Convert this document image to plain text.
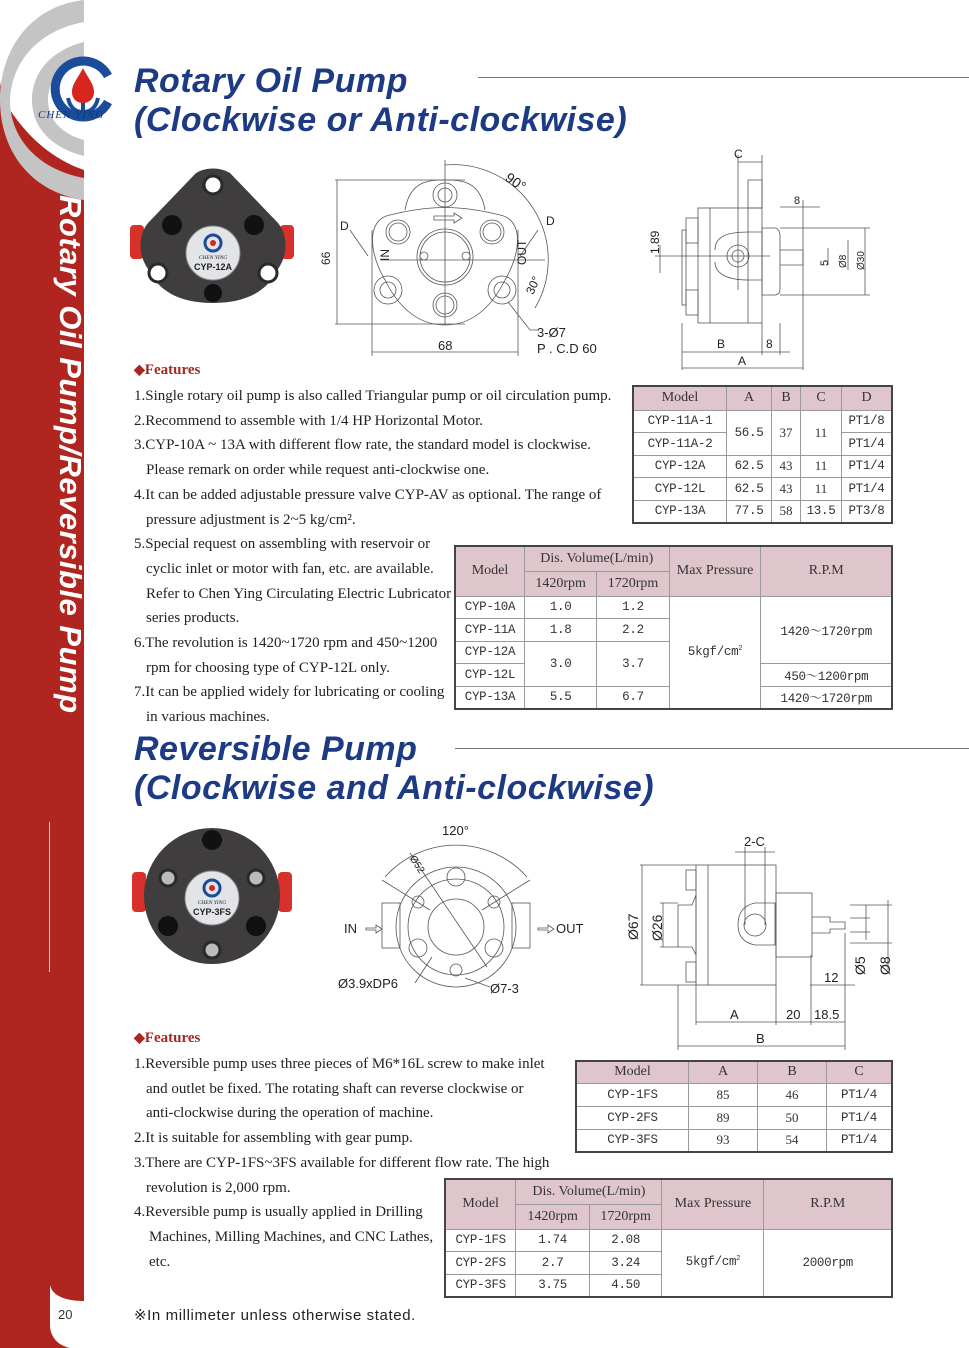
Rotary Oil Pump/Reversible Pump
20
CHEN YING
Rotary Oil Pump
(Clockwise or Anti-clockwise)
CHEN YING
CYP-12A
66
D	D
IN	OUT
90°
30°
68
3-Ø7
P . C.D 60
C
1.89
8
5 Ø8 Ø30
B	8
A
◆Features
1.Single rotary oil pump is also called Triangular pump or oil circulation pump.
2.Recommend to assemble with 1/4 HP Horizontal Motor.
3.CYP-10A ~ 13A with different flow rate, the standard model is clockwise.
Please remark on order while request anti-clockwise one.
4.It can be added adjustable pressure valve CYP-AV as optional. The range of
pressure adjustment is 2~5 kg/cm².
5.Special request on assembling with reservoir or
cyclic inlet or motor with fan, etc. are available.
Refer to Chen Ying Circulating Electric Lubricator
series products.
6.The revolution is 1420~1720 rpm and 450~1200
rpm for choosing type of CYP-12L only.
7.It can be applied widely for lubricating or cooling
in various machines.
Model	A	B	C	D
CYP-11A-1	56.5	37	11	PT1/8
CYP-11A-2				PT1/4
CYP-12A	62.5	43	11	PT1/4
CYP-12L	62.5	43	11	PT1/4
CYP-13A	77.5	58	13.5	PT3/8
Model	Dis. Volume(L/min)		Max Pressure	R.P.M
	1420rpm	1720rpm		
CYP-10A	1.0	1.2	$5kgf/cm^2$	1420～1720rpm
CYP-11A	1.8	2.2		
CYP-12A	3.0	3.7		
CYP-12L				450～1200rpm
CYP-13A	5.5	6.7		1420～1720rpm
Reversible Pump
(Clockwise and Anti-clockwise)
CHEN YING
CYP-3FS
120°
Ø52
IN	OUT
Ø3.9xDP6	Ø7-3
2-C
Ø67 Ø26
12
Ø5 Ø8
A	20 18.5
B
◆Features
1.Reversible pump uses three pieces of M6*16L screw to make inlet
and outlet be fixed. The rotating shaft can reverse clockwise or
anti-clockwise during the operation of machine.
2.It is suitable for assembling with gear pump.
3.There are CYP-1FS~3FS available for different flow rate. The high
revolution is 2,000 rpm.
4.Reversible pump is usually applied in Drilling
Machines, Milling Machines, and CNC Lathes,
etc.
Model	A	B	C
CYP-1FS	85	46	PT1/4
CYP-2FS	89	50	PT1/4
CYP-3FS	93	54	PT1/4
Model	Dis. Volume(L/min)		Max Pressure	R.P.M
	1420rpm	1720rpm		
CYP-1FS	1.74	2.08	$5kgf/cm^2$	2000rpm
CYP-2FS	2.7	3.24		
CYP-3FS	3.75	4.50		
※In millimeter unless otherwise stated.
